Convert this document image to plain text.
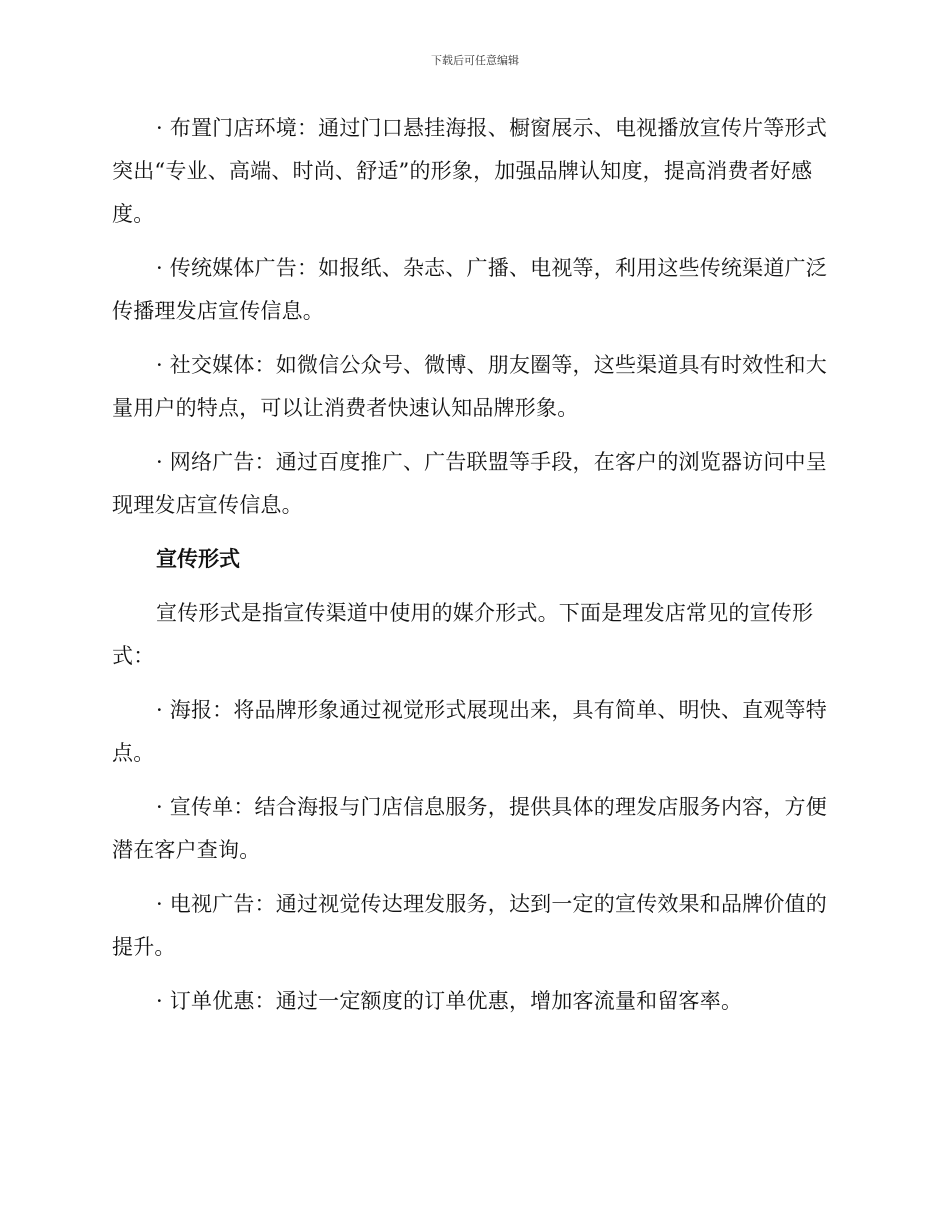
下载后可任意编辑

· 布置门店环境：通过门口悬挂海报、橱窗展示、电视播放宣传片等形式突出“专业、高端、时尚、舒适”的形象，加强品牌认知度，提高消费者好感度。

· 传统媒体广告：如报纸、杂志、广播、电视等，利用这些传统渠道广泛传播理发店宣传信息。

· 社交媒体：如微信公众号、微博、朋友圈等，这些渠道具有时效性和大量用户的特点，可以让消费者快速认知品牌形象。

· 网络广告：通过百度推广、广告联盟等手段，在客户的浏览器访问中呈现理发店宣传信息。

宣传形式

宣传形式是指宣传渠道中使用的媒介形式。下面是理发店常见的宣传形式：

· 海报：将品牌形象通过视觉形式展现出来，具有简单、明快、直观等特点。

· 宣传单：结合海报与门店信息服务，提供具体的理发店服务内容，方便潜在客户查询。

· 电视广告：通过视觉传达理发服务，达到一定的宣传效果和品牌价值的提升。

· 订单优惠：通过一定额度的订单优惠，增加客流量和留客率。
